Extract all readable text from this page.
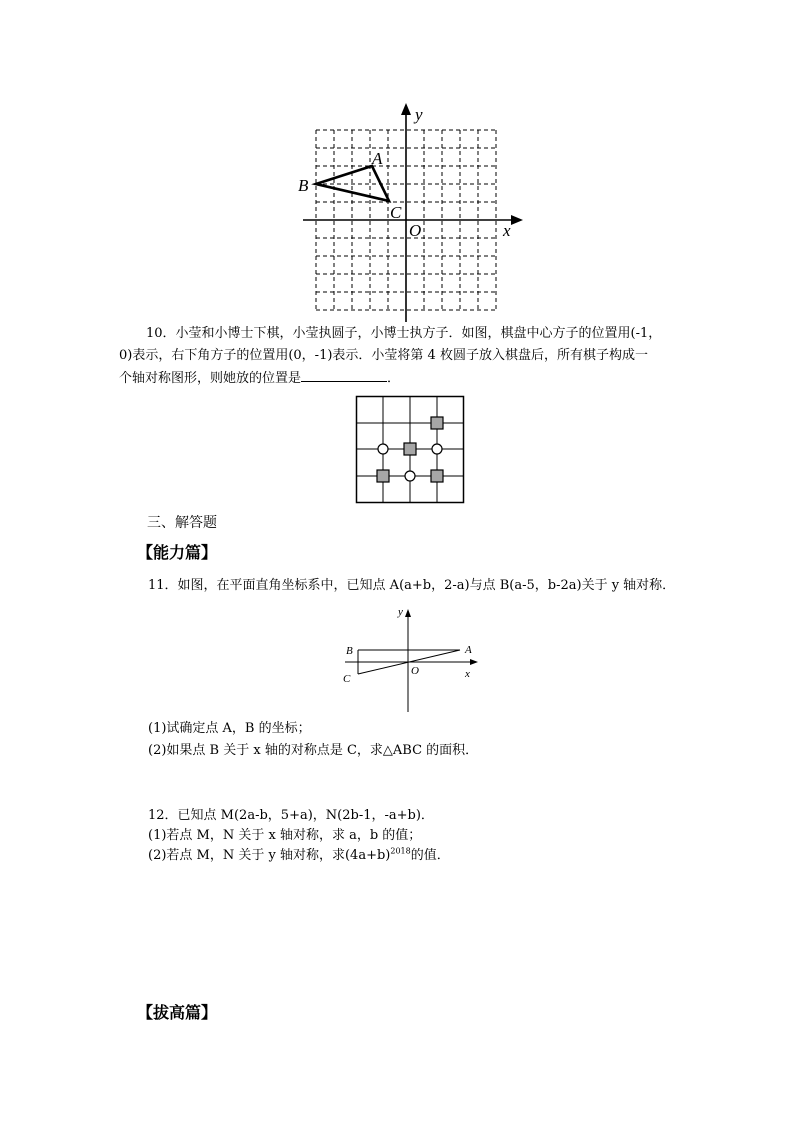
y
x
O
A
B
C
10．小莹和小博士下棋，小莹执圆子，小博士执方子．如图，棋盘中心方子的位置用(-1，
0)表示，右下角方子的位置用(0，-1)表示．小莹将第 4 枚圆子放入棋盘后，所有棋子构成一
个轴对称图形，则她放的位置是	．
三、解答题
【能力篇】
11．如图，在平面直角坐标系中，已知点 A(a+b，2-a)与点 B(a-5，b-2a)关于 y 轴对称．
y
x
O
A
B
C
(1)试确定点 A，B 的坐标；
(2)如果点 B 关于 x 轴的对称点是 C，求△ABC 的面积．
12．已知点 M(2a-b，5+a)，N(2b-1，-a+b)．
(1)若点 M，N 关于 x 轴对称，求 a，b 的值；
(2)若点 M，N 关于 y 轴对称，求$(4a+b)^{2018}$的值．
【拔高篇】
